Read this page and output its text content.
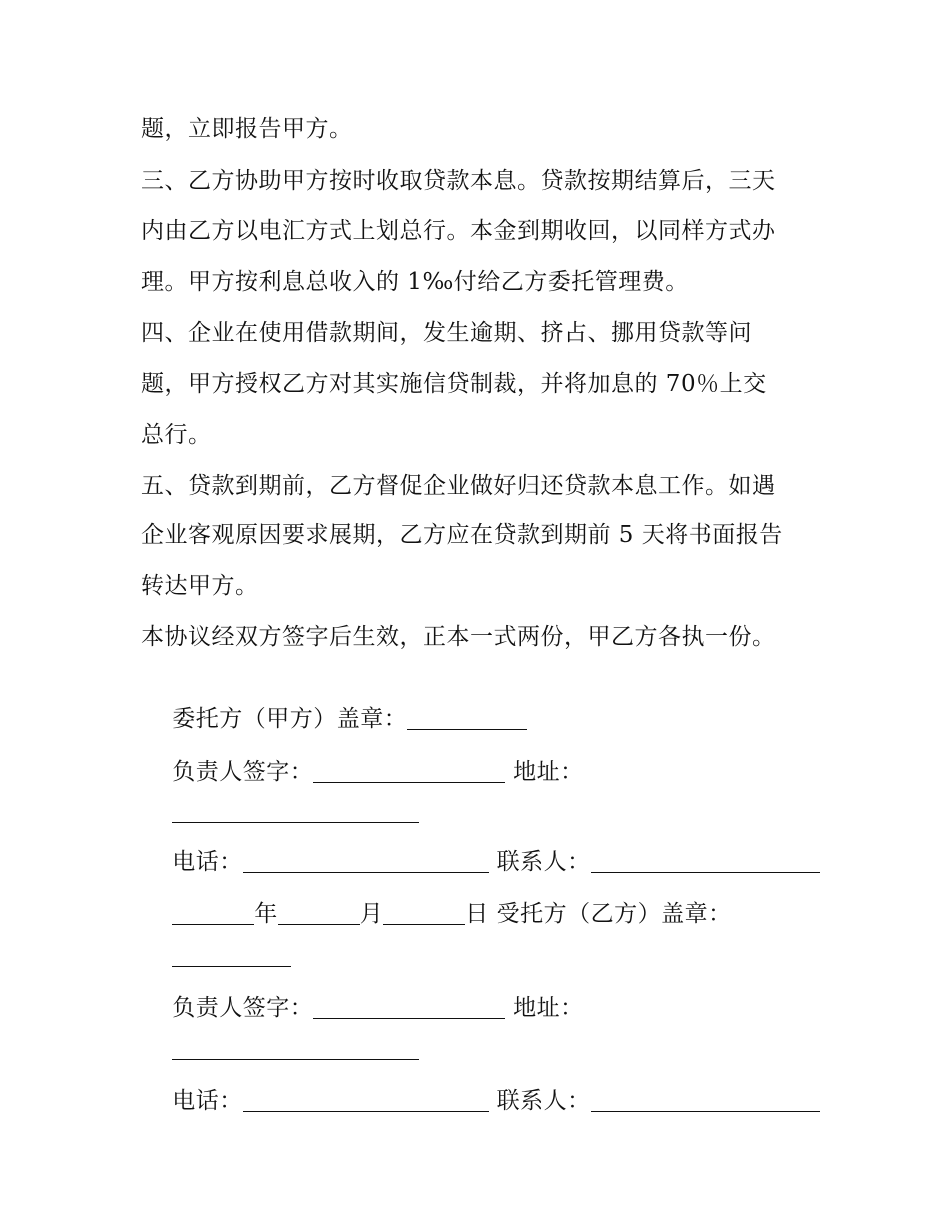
题，立即报告甲方。
三、乙方协助甲方按时收取贷款本息。贷款按期结算后，三天
内由乙方以电汇方式上划总行。本金到期收回，以同样方式办
理。甲方按利息总收入的 1‰付给乙方委托管理费。
四、企业在使用借款期间，发生逾期、挤占、挪用贷款等问
题，甲方授权乙方对其实施信贷制裁，并将加息的 70％上交
总行。
五、贷款到期前，乙方督促企业做好归还贷款本息工作。如遇
企业客观原因要求展期，乙方应在贷款到期前 5 天将书面报告
转达甲方。
本协议经双方签字后生效，正本一式两份，甲乙方各执一份。

委托方（甲方）盖章：

负责人签字：	地址：

电话：	联系人：

年	月	日 受托方（乙方）盖章：

负责人签字：	地址：

电话：	联系人：
